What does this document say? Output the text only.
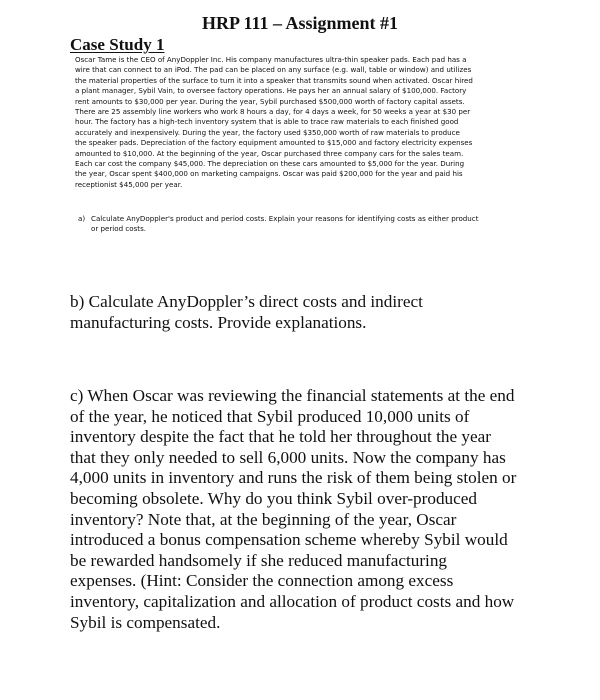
HRP 111 – Assignment #1
Case Study 1
Oscar Tame is the CEO of AnyDoppler Inc. His company manufactures ultra-thin speaker pads. Each pad has a
wire that can connect to an iPod. The pad can be placed on any surface (e.g. wall, table or window) and utilizes
the material properties of the surface to turn it into a speaker that transmits sound when activated. Oscar hired
a plant manager, Sybil Vain, to oversee factory operations. He pays her an annual salary of $100,000. Factory
rent amounts to $30,000 per year. During the year, Sybil purchased $500,000 worth of factory capital assets.
There are 25 assembly line workers who work 8 hours a day, for 4 days a week, for 50 weeks a year at $30 per
hour. The factory has a high-tech inventory system that is able to trace raw materials to each finished good
accurately and inexpensively. During the year, the factory used $350,000 worth of raw materials to produce
the speaker pads. Depreciation of the factory equipment amounted to $15,000 and factory electricity expenses
amounted to $10,000. At the beginning of the year, Oscar purchased three company cars for the sales team.
Each car cost the company $45,000. The depreciation on these cars amounted to $5,000 for the year. During
the year, Oscar spent $400,000 on marketing campaigns. Oscar was paid $200,000 for the year and paid his
receptionist $45,000 per year.
a) Calculate AnyDoppler's product and period costs. Explain your reasons for identifying costs as either product
or period costs.
b) Calculate AnyDoppler’s direct costs and indirect
manufacturing costs. Provide explanations.
c) When Oscar was reviewing the financial statements at the end
of the year, he noticed that Sybil produced 10,000 units of
inventory despite the fact that he told her throughout the year
that they only needed to sell 6,000 units. Now the company has
4,000 units in inventory and runs the risk of them being stolen or
becoming obsolete. Why do you think Sybil over-produced
inventory? Note that, at the beginning of the year, Oscar
introduced a bonus compensation scheme whereby Sybil would
be rewarded handsomely if she reduced manufacturing
expenses. (Hint: Consider the connection among excess
inventory, capitalization and allocation of product costs and how
Sybil is compensated.
